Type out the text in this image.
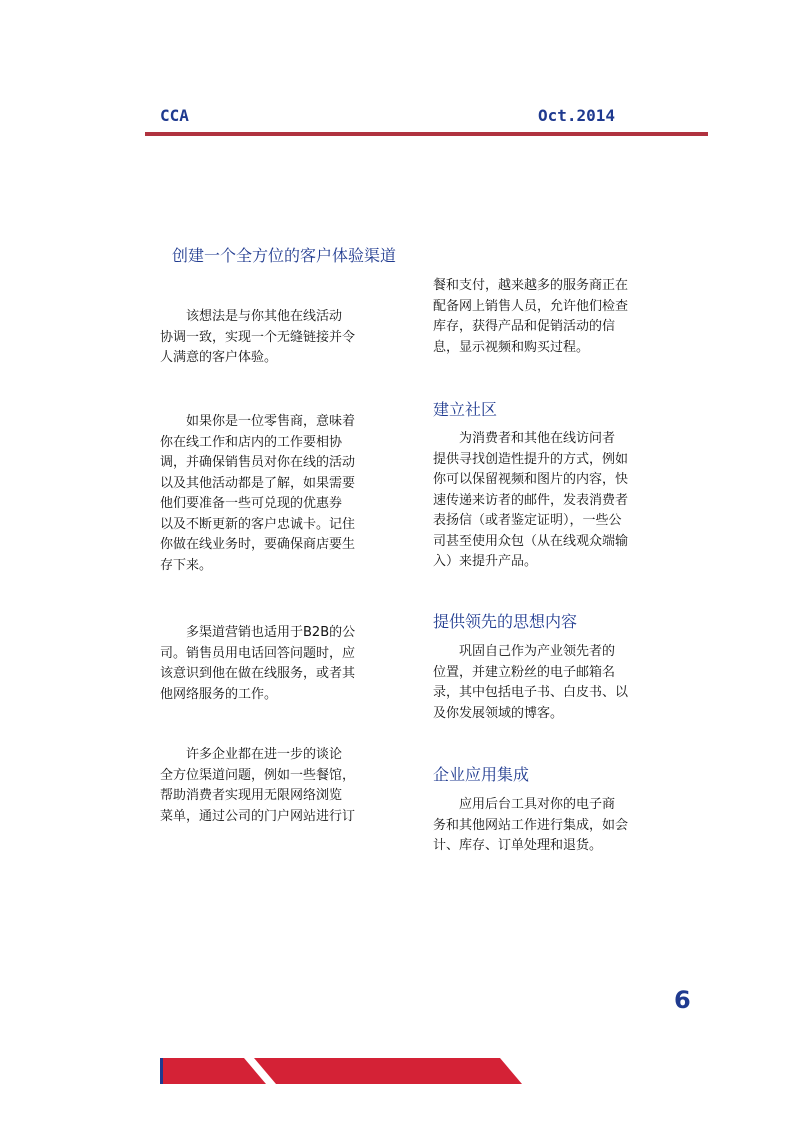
CCA	Oct.2014
创建一个全方位的客户体验渠道
　　该想法是与你其他在线活动
协调一致，实现一个无缝链接并令
人满意的客户体验。
　　如果你是一位零售商，意味着
你在线工作和店内的工作要相协
调，并确保销售员对你在线的活动
以及其他活动都是了解，如果需要
他们要准备一些可兑现的优惠券
以及不断更新的客户忠诚卡。记住
你做在线业务时，要确保商店要生
存下来。
　　多渠道营销也适用于B2B的公
司。销售员用电话回答问题时，应
该意识到他在做在线服务，或者其
他网络服务的工作。
　　许多企业都在进一步的谈论
全方位渠道问题，例如一些餐馆，
帮助消费者实现用无限网络浏览
菜单，通过公司的门户网站进行订
餐和支付，越来越多的服务商正在
配备网上销售人员，允许他们检查
库存，获得产品和促销活动的信
息，显示视频和购买过程。
建立社区
　　为消费者和其他在线访问者
提供寻找创造性提升的方式，例如
你可以保留视频和图片的内容，快
速传递来访者的邮件，发表消费者
表扬信（或者鉴定证明），一些公
司甚至使用众包（从在线观众端输
入）来提升产品。
提供领先的思想内容
　　巩固自己作为产业领先者的
位置，并建立粉丝的电子邮箱名
录，其中包括电子书、白皮书、以
及你发展领域的博客。
企业应用集成
　　应用后台工具对你的电子商
务和其他网站工作进行集成，如会
计、库存、订单处理和退货。
6
